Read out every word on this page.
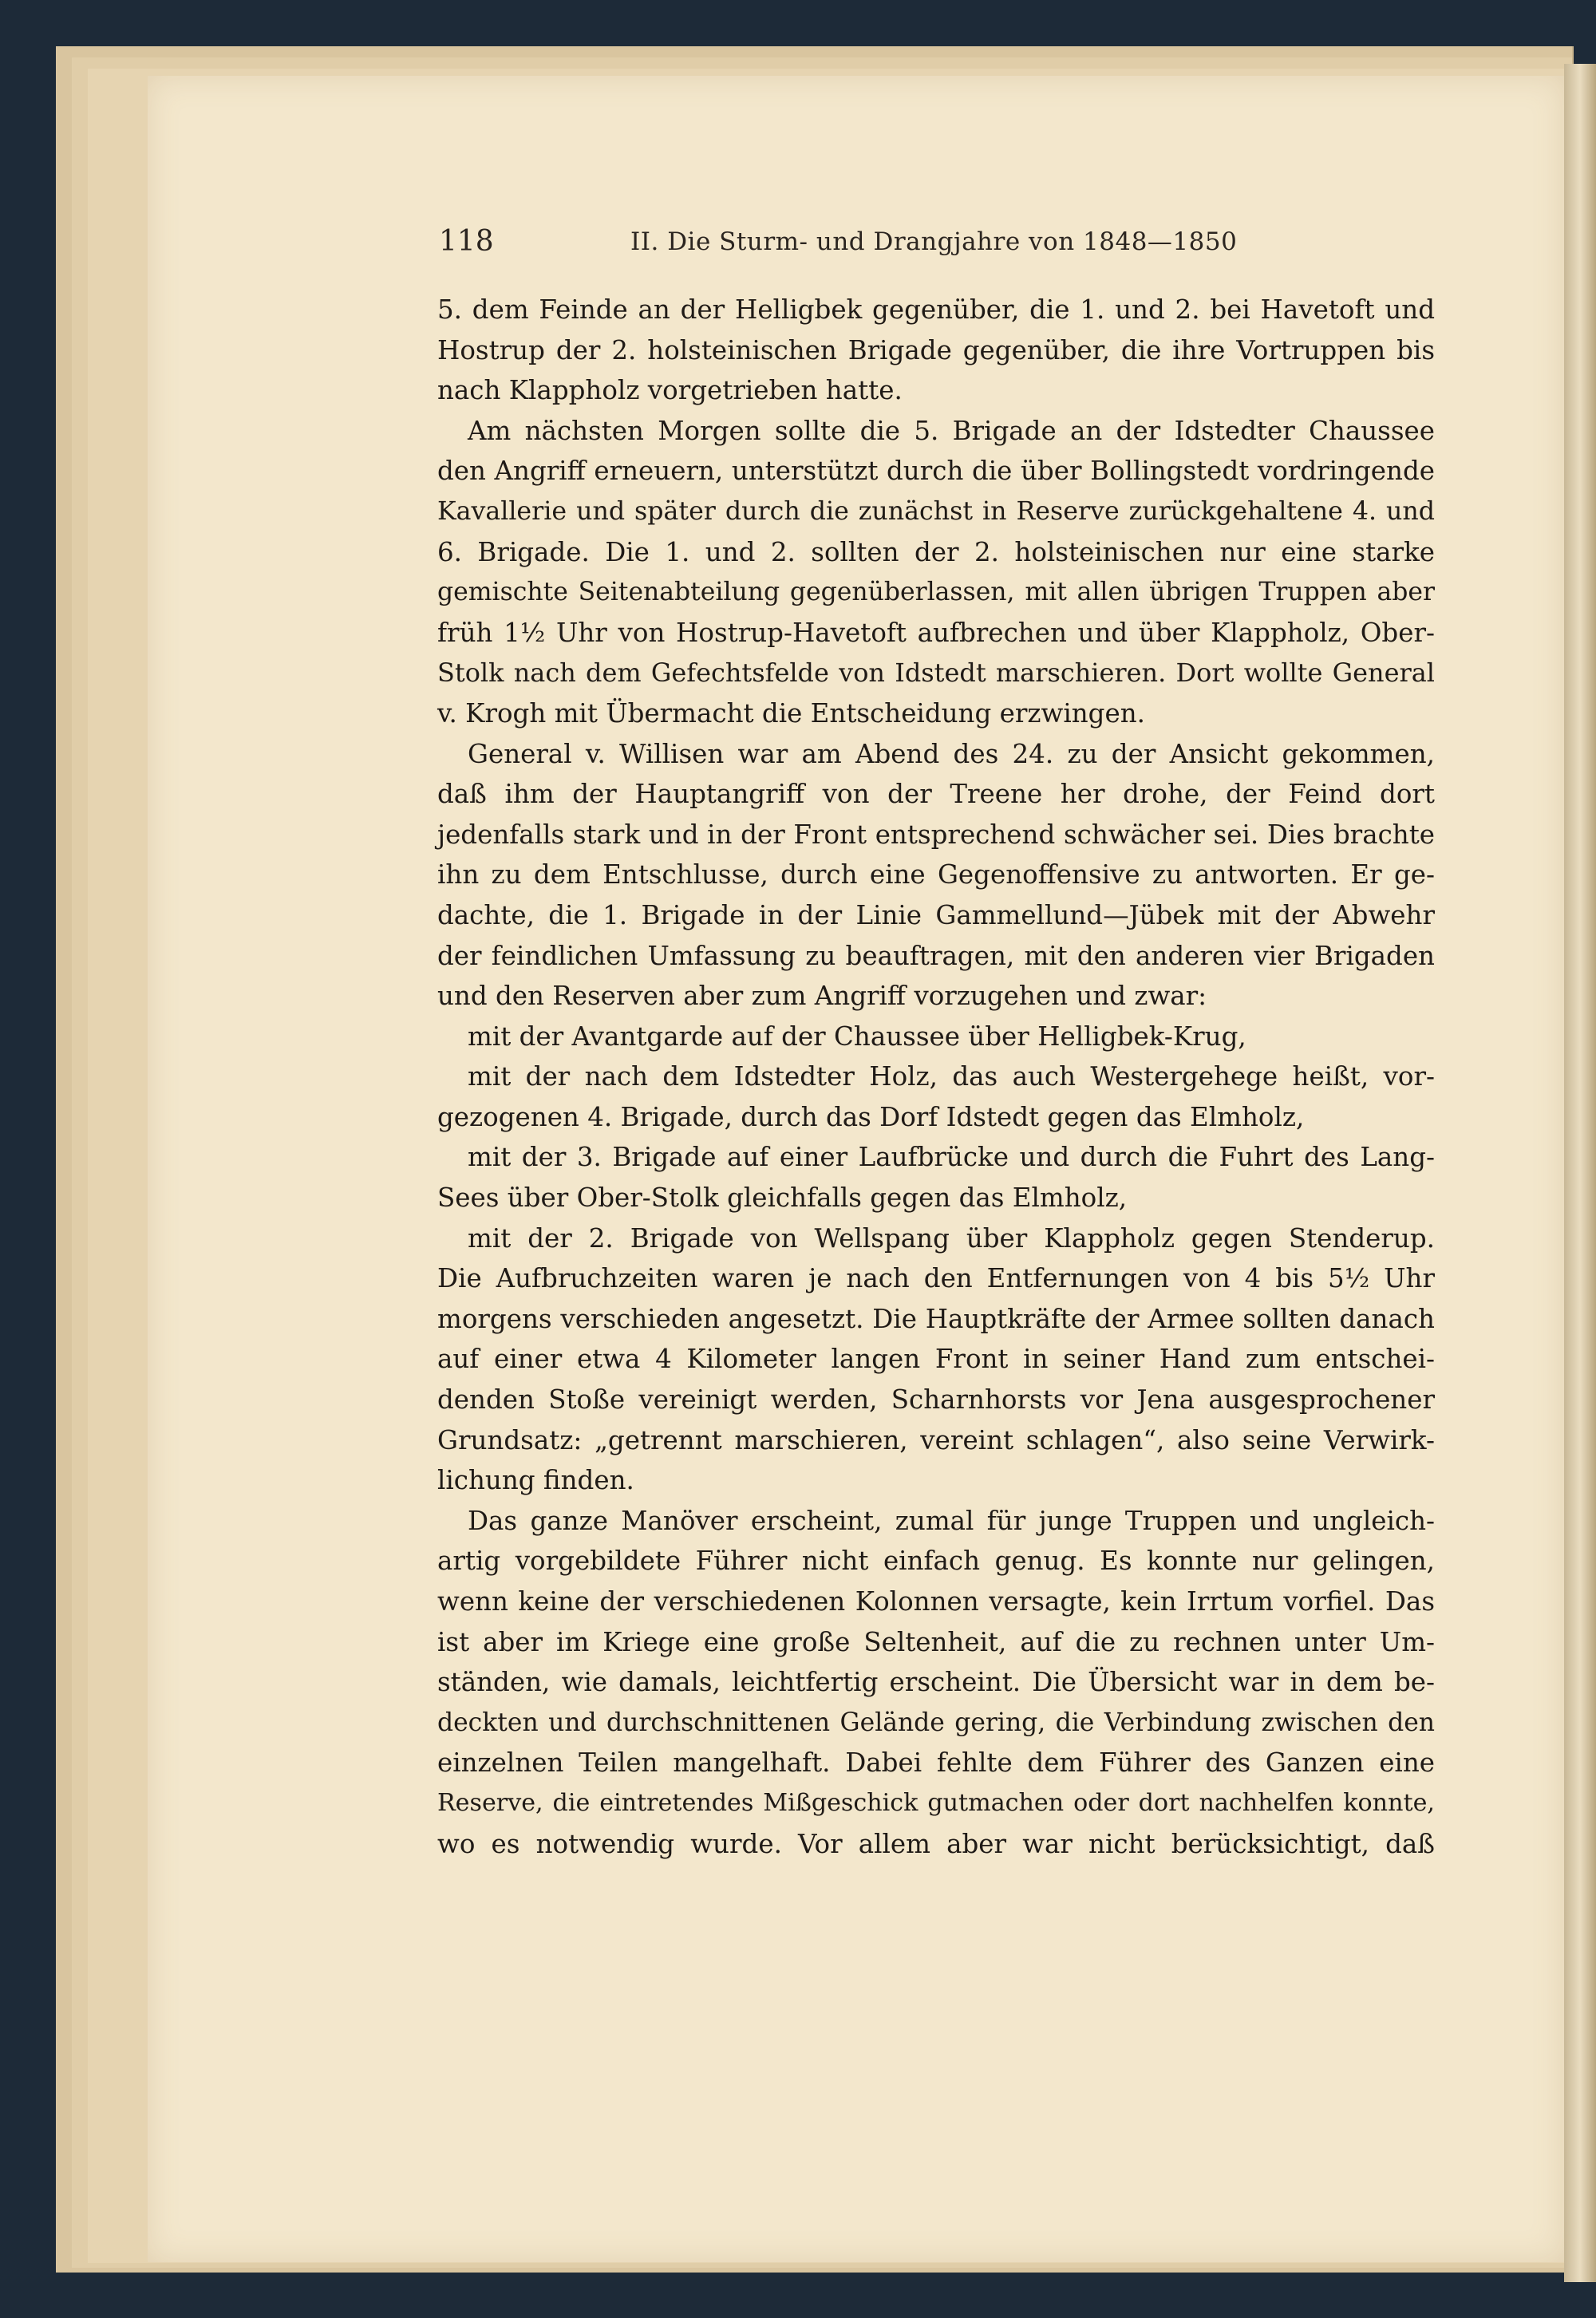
118	II. Die Sturm- und Drangjahre von 1848—1850
5. dem Feinde an der Helligbek gegenüber, die 1. und 2. bei Havetoft und
Hostrup der 2. holsteinischen Brigade gegenüber, die ihre Vortruppen bis
nach Klappholz vorgetrieben hatte.
Am nächsten Morgen sollte die 5. Brigade an der Idstedter Chaussee
den Angriff erneuern, unterstützt durch die über Bollingstedt vordringende
Kavallerie und später durch die zunächst in Reserve zurückgehaltene 4. und
6. Brigade. Die 1. und 2. sollten der 2. holsteinischen nur eine starke
gemischte Seitenabteilung gegenüberlassen, mit allen übrigen Truppen aber
früh 1½ Uhr von Hostrup-Havetoft aufbrechen und über Klappholz, Ober-
Stolk nach dem Gefechtsfelde von Idstedt marschieren. Dort wollte General
v. Krogh mit Übermacht die Entscheidung erzwingen.
General v. Willisen war am Abend des 24. zu der Ansicht gekommen,
daß ihm der Hauptangriff von der Treene her drohe, der Feind dort
jedenfalls stark und in der Front entsprechend schwächer sei. Dies brachte
ihn zu dem Entschlusse, durch eine Gegenoffensive zu antworten. Er ge-
dachte, die 1. Brigade in der Linie Gammellund—Jübek mit der Abwehr
der feindlichen Umfassung zu beauftragen, mit den anderen vier Brigaden
und den Reserven aber zum Angriff vorzugehen und zwar:
mit der Avantgarde auf der Chaussee über Helligbek-Krug,
mit der nach dem Idstedter Holz, das auch Westergehege heißt, vor-
gezogenen 4. Brigade, durch das Dorf Idstedt gegen das Elmholz,
mit der 3. Brigade auf einer Laufbrücke und durch die Fuhrt des Lang-
Sees über Ober-Stolk gleichfalls gegen das Elmholz,
mit der 2. Brigade von Wellspang über Klappholz gegen Stenderup.
Die Aufbruchzeiten waren je nach den Entfernungen von 4 bis 5½ Uhr
morgens verschieden angesetzt. Die Hauptkräfte der Armee sollten danach
auf einer etwa 4 Kilometer langen Front in seiner Hand zum entschei-
denden Stoße vereinigt werden, Scharnhorsts vor Jena ausgesprochener
Grundsatz: „getrennt marschieren, vereint schlagen“, also seine Verwirk-
lichung finden.
Das ganze Manöver erscheint, zumal für junge Truppen und ungleich-
artig vorgebildete Führer nicht einfach genug. Es konnte nur gelingen,
wenn keine der verschiedenen Kolonnen versagte, kein Irrtum vorfiel. Das
ist aber im Kriege eine große Seltenheit, auf die zu rechnen unter Um-
ständen, wie damals, leichtfertig erscheint. Die Übersicht war in dem be-
deckten und durchschnittenen Gelände gering, die Verbindung zwischen den
einzelnen Teilen mangelhaft. Dabei fehlte dem Führer des Ganzen eine
Reserve, die eintretendes Mißgeschick gutmachen oder dort nachhelfen konnte,
wo es notwendig wurde. Vor allem aber war nicht berücksichtigt, daß
